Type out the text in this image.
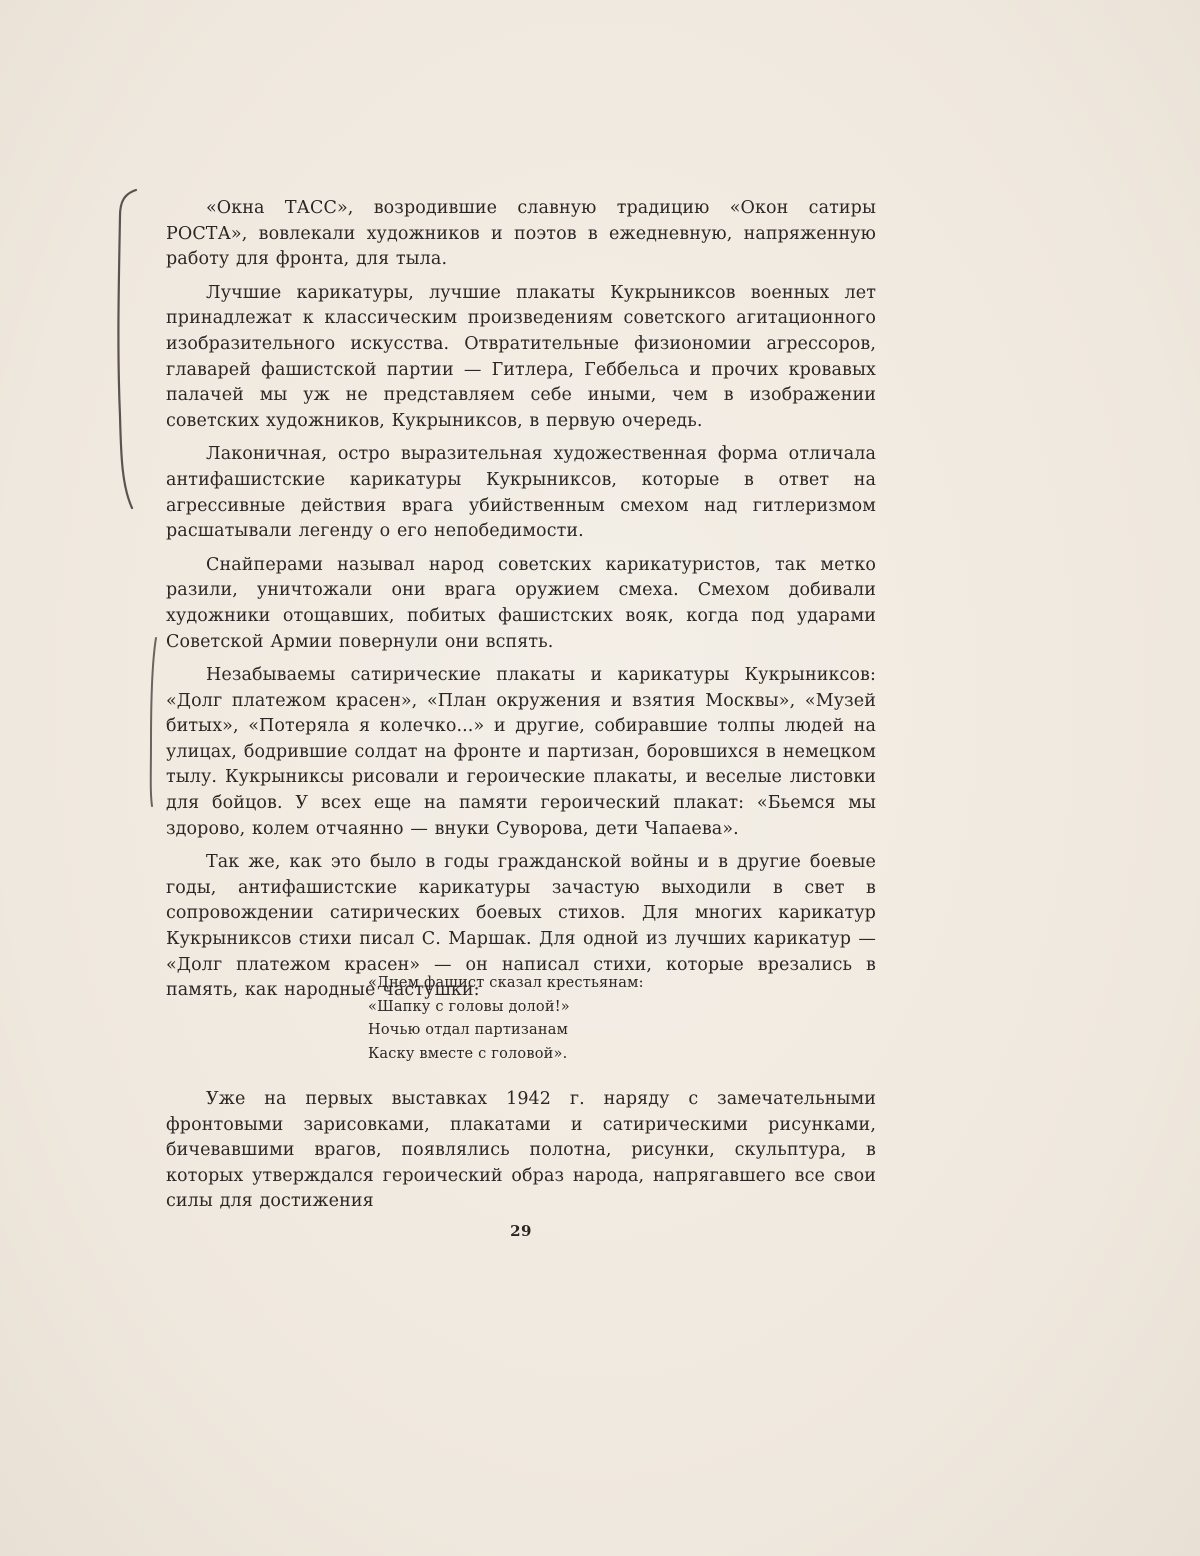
«Окна ТАСС», возродившие славную традицию «Окон сатиры РОСТА», вовлекали художников и поэтов в ежедневную, напряженную работу для фронта, для тыла.

Лучшие карикатуры, лучшие плакаты Кукрыниксов военных лет принадлежат к классическим произведениям советского агитационного изобразительного искусства. Отвратительные физиономии агрессоров, главарей фашистской партии — Гитлера, Геббельса и прочих кровавых палачей мы уж не представляем себе иными, чем в изображении советских художников, Кукрыниксов, в первую очередь.

Лаконичная, остро выразительная художественная форма отличала антифашистские карикатуры Кукрыниксов, которые в ответ на агрессивные действия врага убийственным смехом над гитлеризмом расшатывали легенду о его непобедимости.

Снайперами называл народ советских карикатуристов, так метко разили, уничтожали они врага оружием смеха. Смехом добивали художники отощавших, побитых фашистских вояк, когда под ударами Советской Армии повернули они вспять.

Незабываемы сатирические плакаты и карикатуры Кукрыниксов: «Долг платежом красен», «План окружения и взятия Москвы», «Музей битых», «Потеряла я колечко...» и другие, собиравшие толпы людей на улицах, бодрившие солдат на фронте и партизан, боровшихся в немецком тылу. Кукрыниксы рисовали и героические плакаты, и веселые листовки для бойцов. У всех еще на памяти героический плакат: «Бьемся мы здорово, колем отчаянно — внуки Суворова, дети Чапаева».

Так же, как это было в годы гражданской войны и в другие боевые годы, антифашистские карикатуры зачастую выходили в свет в сопровождении сатирических боевых стихов. Для многих карикатур Кукрыниксов стихи писал С. Маршак. Для одной из лучших карикатур — «Долг платежом красен» — он написал стихи, которые врезались в память, как народные частушки:

«Днем фашист сказал крестьянам:
«Шапку с головы долой!»
Ночью отдал партизанам
Каску вместе с головой».

Уже на первых выставках 1942 г. наряду с замечательными фронтовыми зарисовками, плакатами и сатирическими рисунками, бичевавшими врагов, появлялись полотна, рисунки, скульптура, в которых утверждался героический образ народа, напрягавшего все свои силы для достижения

29
